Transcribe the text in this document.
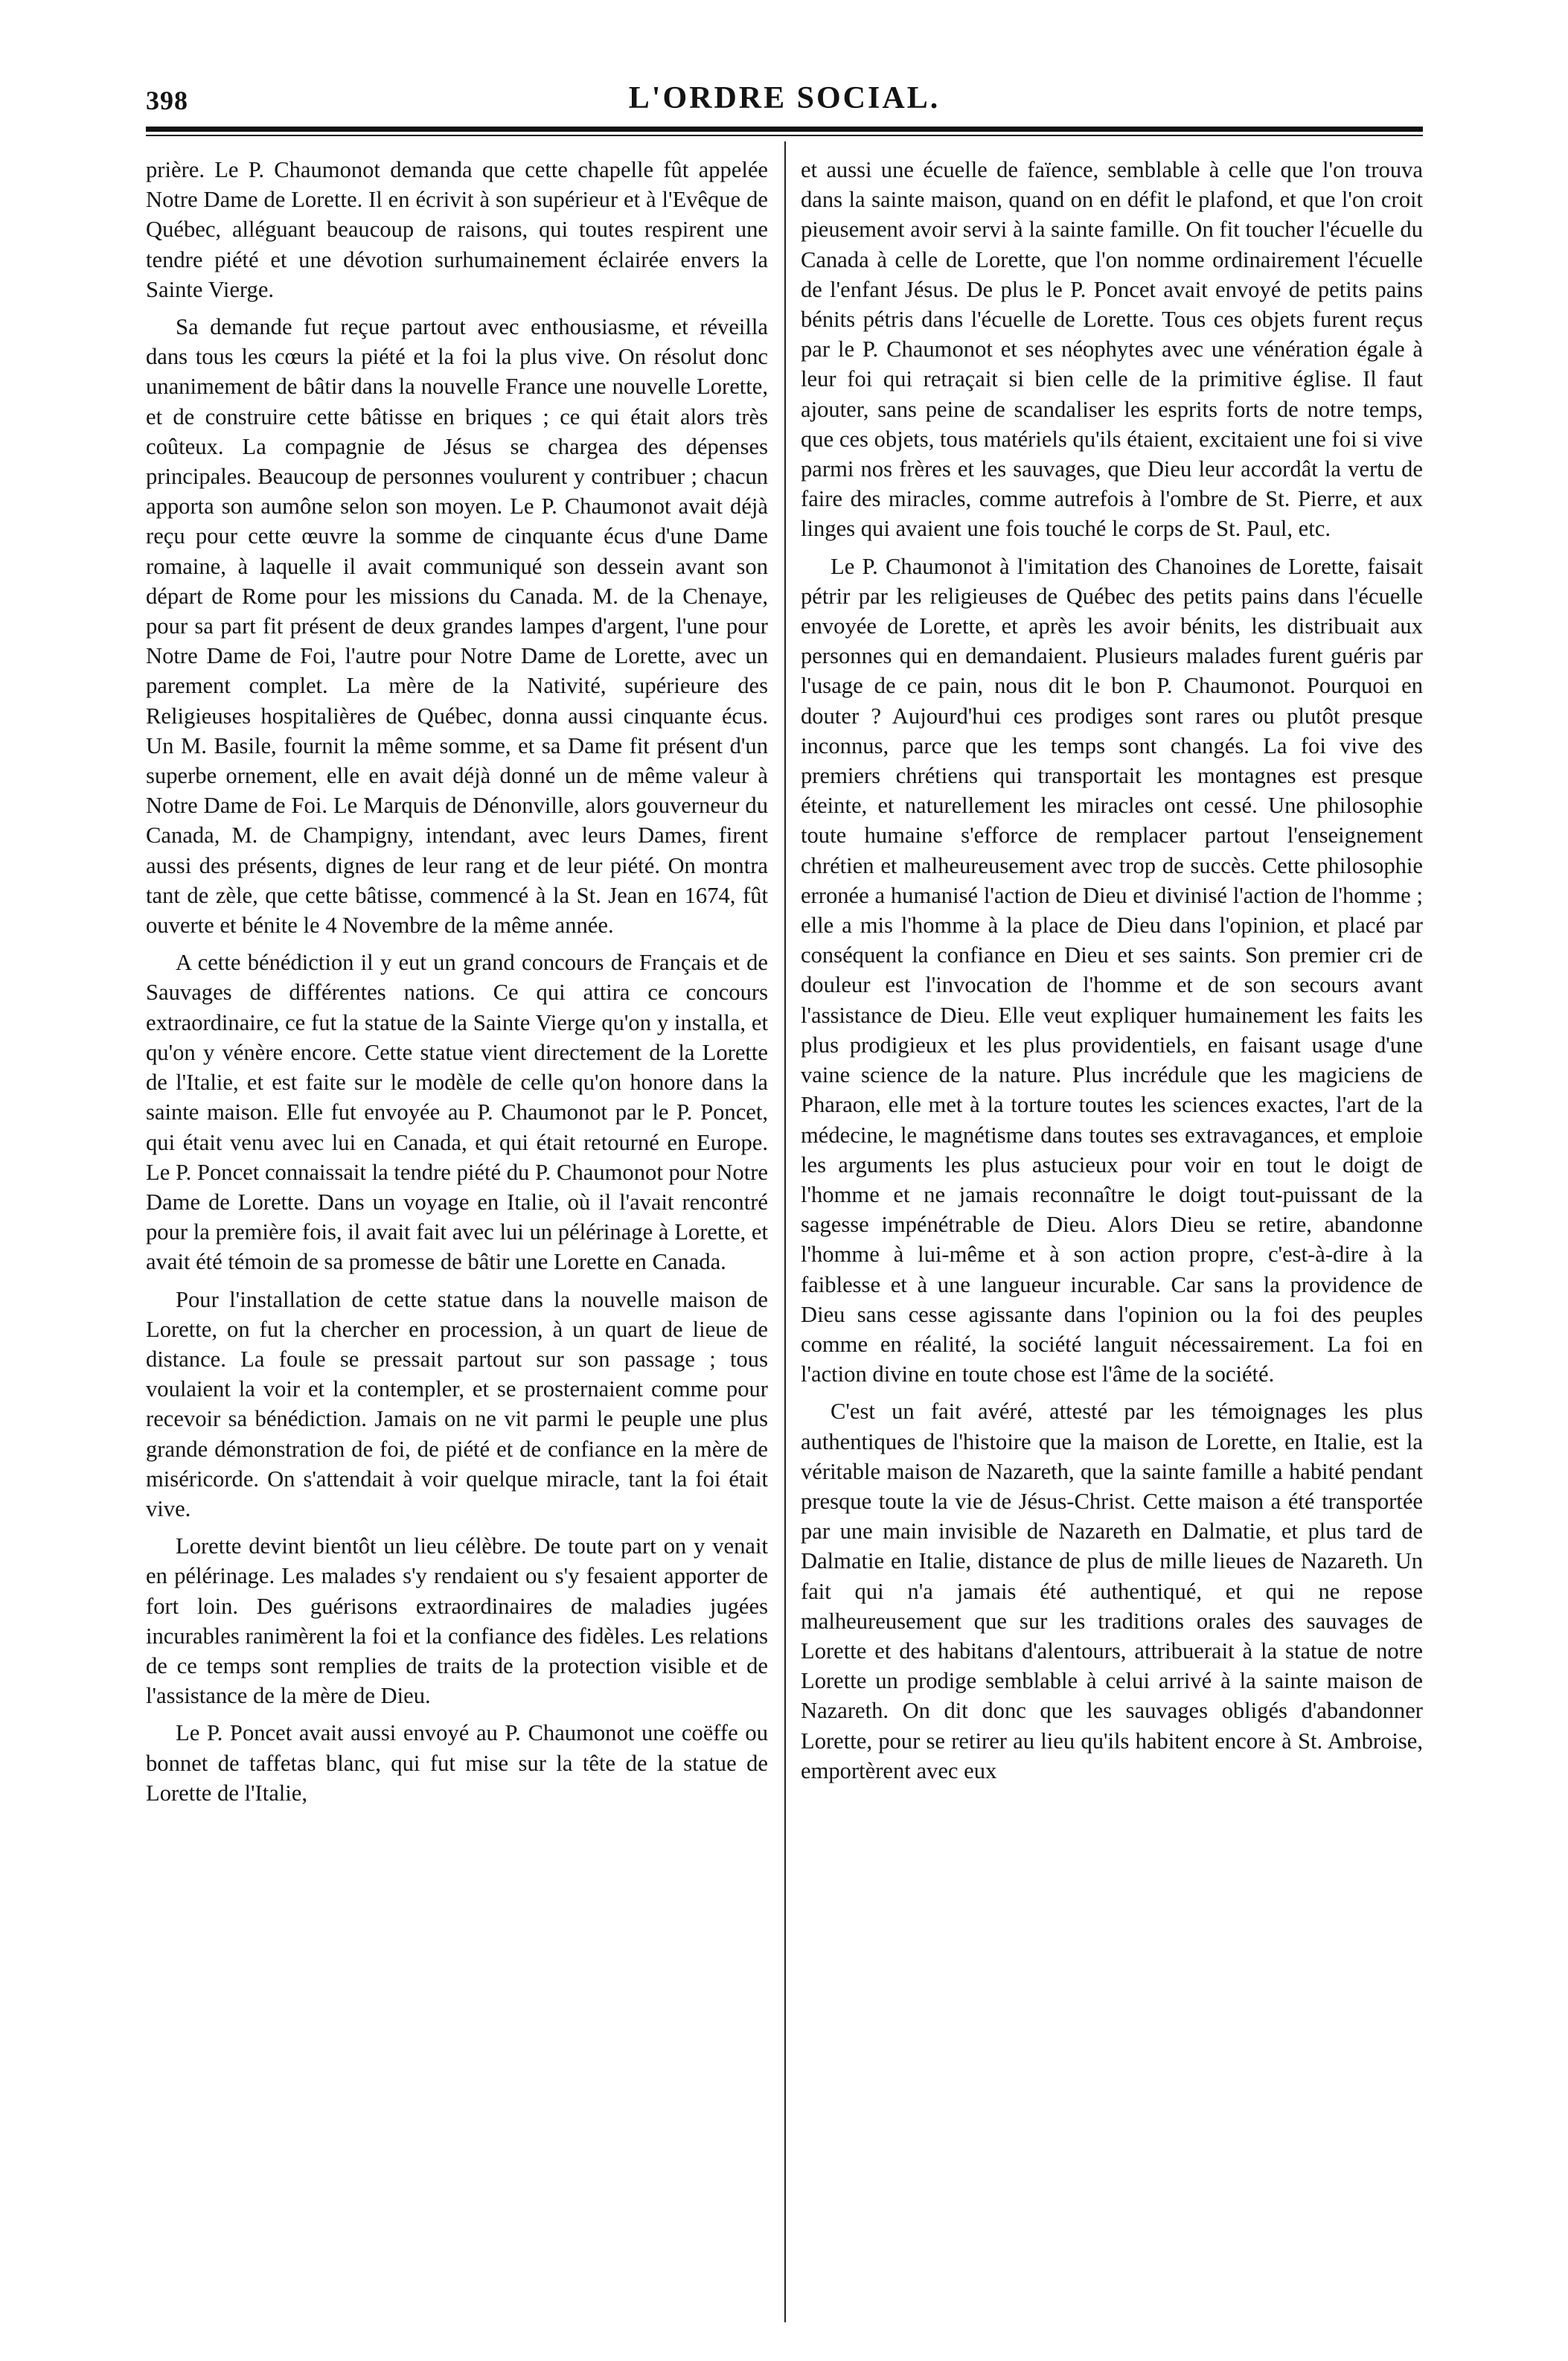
398	L'ORDRE SOCIAL.

prière. Le P. Chaumonot demanda que cette chapelle fût appelée Notre Dame de Lorette. Il en écrivit à son supérieur et à l'Evêque de Québec, alléguant beaucoup de raisons, qui toutes respirent une tendre piété et une dévotion surhumainement éclairée envers la Sainte Vierge.

Sa demande fut reçue partout avec enthousiasme, et réveilla dans tous les cœurs la piété et la foi la plus vive. On résolut donc unanimement de bâtir dans la nouvelle France une nouvelle Lorette, et de construire cette bâtisse en briques ; ce qui était alors très coûteux. La compagnie de Jésus se chargea des dépenses principales. Beaucoup de personnes voulurent y contribuer ; chacun apporta son aumône selon son moyen. Le P. Chaumonot avait déjà reçu pour cette œuvre la somme de cinquante écus d'une Dame romaine, à laquelle il avait communiqué son dessein avant son départ de Rome pour les missions du Canada. M. de la Chenaye, pour sa part fit présent de deux grandes lampes d'argent, l'une pour Notre Dame de Foi, l'autre pour Notre Dame de Lorette, avec un parement complet. La mère de la Nativité, supérieure des Religieuses hospitalières de Québec, donna aussi cinquante écus. Un M. Basile, fournit la même somme, et sa Dame fit présent d'un superbe ornement, elle en avait déjà donné un de même valeur à Notre Dame de Foi. Le Marquis de Dénonville, alors gouverneur du Canada, M. de Champigny, intendant, avec leurs Dames, firent aussi des présents, dignes de leur rang et de leur piété. On montra tant de zèle, que cette bâtisse, commencé à la St. Jean en 1674, fût ouverte et bénite le 4 Novembre de la même année.

A cette bénédiction il y eut un grand concours de Français et de Sauvages de différentes nations. Ce qui attira ce concours extraordinaire, ce fut la statue de la Sainte Vierge qu'on y installa, et qu'on y vénère encore. Cette statue vient directement de la Lorette de l'Italie, et est faite sur le modèle de celle qu'on honore dans la sainte maison. Elle fut envoyée au P. Chaumonot par le P. Poncet, qui était venu avec lui en Canada, et qui était retourné en Europe. Le P. Poncet connaissait la tendre piété du P. Chaumonot pour Notre Dame de Lorette. Dans un voyage en Italie, où il l'avait rencontré pour la première fois, il avait fait avec lui un pélérinage à Lorette, et avait été témoin de sa promesse de bâtir une Lorette en Canada.

Pour l'installation de cette statue dans la nouvelle maison de Lorette, on fut la chercher en procession, à un quart de lieue de distance. La foule se pressait partout sur son passage ; tous voulaient la voir et la contempler, et se prosternaient comme pour recevoir sa bénédiction. Jamais on ne vit parmi le peuple une plus grande démonstration de foi, de piété et de confiance en la mère de miséricorde. On s'attendait à voir quelque miracle, tant la foi était vive.

Lorette devint bientôt un lieu célèbre. De toute part on y venait en pélérinage. Les malades s'y rendaient ou s'y fesaient apporter de fort loin. Des guérisons extraordinaires de maladies jugées incurables ranimèrent la foi et la confiance des fidèles. Les relations de ce temps sont remplies de traits de la protection visible et de l'assistance de la mère de Dieu.

Le P. Poncet avait aussi envoyé au P. Chaumonot une coëffe ou bonnet de taffetas blanc, qui fut mise sur la tête de la statue de Lorette de l'Italie,

et aussi une écuelle de faïence, semblable à celle que l'on trouva dans la sainte maison, quand on en défit le plafond, et que l'on croit pieusement avoir servi à la sainte famille. On fit toucher l'écuelle du Canada à celle de Lorette, que l'on nomme ordinairement l'écuelle de l'enfant Jésus. De plus le P. Poncet avait envoyé de petits pains bénits pétris dans l'écuelle de Lorette. Tous ces objets furent reçus par le P. Chaumonot et ses néophytes avec une vénération égale à leur foi qui retraçait si bien celle de la primitive église. Il faut ajouter, sans peine de scandaliser les esprits forts de notre temps, que ces objets, tous matériels qu'ils étaient, excitaient une foi si vive parmi nos frères et les sauvages, que Dieu leur accordât la vertu de faire des miracles, comme autrefois à l'ombre de St. Pierre, et aux linges qui avaient une fois touché le corps de St. Paul, etc.

Le P. Chaumonot à l'imitation des Chanoines de Lorette, faisait pétrir par les religieuses de Québec des petits pains dans l'écuelle envoyée de Lorette, et après les avoir bénits, les distribuait aux personnes qui en demandaient. Plusieurs malades furent guéris par l'usage de ce pain, nous dit le bon P. Chaumonot. Pourquoi en douter ? Aujourd'hui ces prodiges sont rares ou plutôt presque inconnus, parce que les temps sont changés. La foi vive des premiers chrétiens qui transportait les montagnes est presque éteinte, et naturellement les miracles ont cessé. Une philosophie toute humaine s'efforce de remplacer partout l'enseignement chrétien et malheureusement avec trop de succès. Cette philosophie erronée a humanisé l'action de Dieu et divinisé l'action de l'homme ; elle a mis l'homme à la place de Dieu dans l'opinion, et placé par conséquent la confiance en Dieu et ses saints. Son premier cri de douleur est l'invocation de l'homme et de son secours avant l'assistance de Dieu. Elle veut expliquer humainement les faits les plus prodigieux et les plus providentiels, en faisant usage d'une vaine science de la nature. Plus incrédule que les magiciens de Pharaon, elle met à la torture toutes les sciences exactes, l'art de la médecine, le magnétisme dans toutes ses extravagances, et emploie les arguments les plus astucieux pour voir en tout le doigt de l'homme et ne jamais reconnaître le doigt tout-puissant de la sagesse impénétrable de Dieu. Alors Dieu se retire, abandonne l'homme à lui-même et à son action propre, c'est-à-dire à la faiblesse et à une langueur incurable. Car sans la providence de Dieu sans cesse agissante dans l'opinion ou la foi des peuples comme en réalité, la société languit nécessairement. La foi en l'action divine en toute chose est l'âme de la société.

C'est un fait avéré, attesté par les témoignages les plus authentiques de l'histoire que la maison de Lorette, en Italie, est la véritable maison de Nazareth, que la sainte famille a habité pendant presque toute la vie de Jésus-Christ. Cette maison a été transportée par une main invisible de Nazareth en Dalmatie, et plus tard de Dalmatie en Italie, distance de plus de mille lieues de Nazareth. Un fait qui n'a jamais été authentiqué, et qui ne repose malheureusement que sur les traditions orales des sauvages de Lorette et des habitans d'alentours, attribuerait à la statue de notre Lorette un prodige semblable à celui arrivé à la sainte maison de Nazareth. On dit donc que les sauvages obligés d'abandonner Lorette, pour se retirer au lieu qu'ils habitent encore à St. Ambroise, emportèrent avec eux
